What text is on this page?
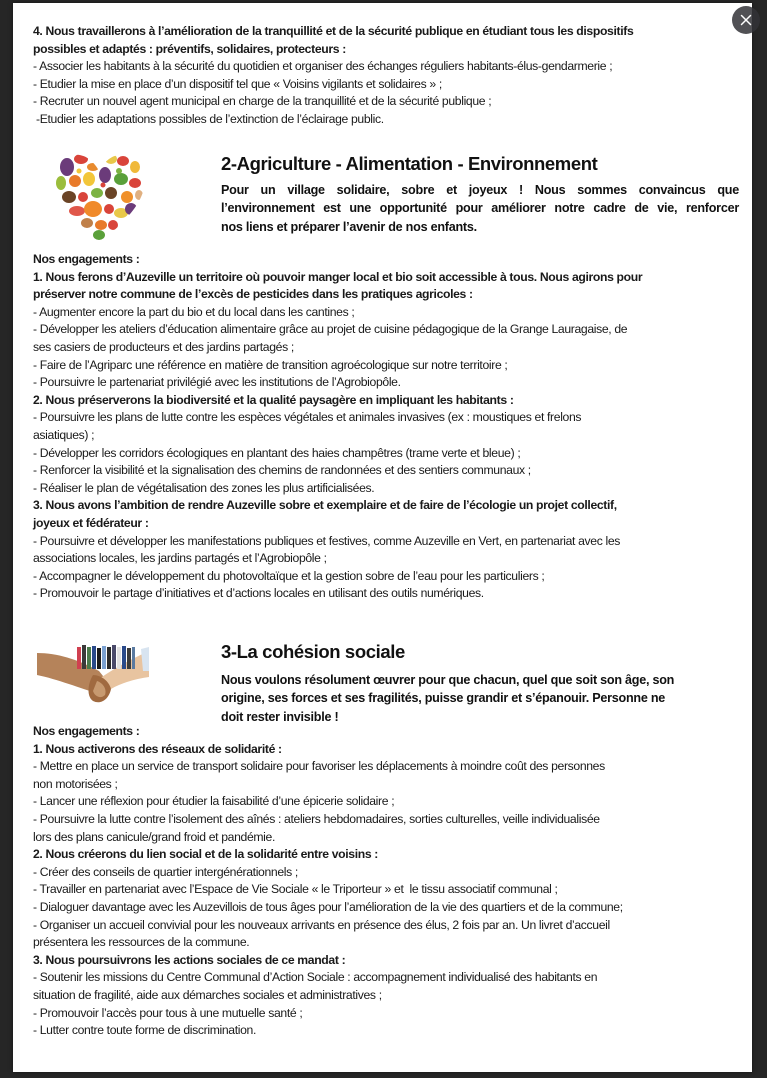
4. Nous travaillerons à l’amélioration de la tranquillité et de la sécurité publique en étudiant tous les dispositifs
possibles et adaptés : préventifs, solidaires, protecteurs :
- Associer les habitants à la sécurité du quotidien et organiser des échanges réguliers habitants-élus-gendarmerie ;
- Etudier la mise en place d’un dispositif tel que « Voisins vigilants et solidaires » ;
- Recruter un nouvel agent municipal en charge de la tranquillité et de la sécurité publique ;
-Etudier les adaptations possibles de l’extinction de l’éclairage public.
2-Agriculture - Alimentation - Environnement
Pour un village solidaire, sobre et joyeux ! Nous sommes convaincus que
l’environnement est une opportunité pour améliorer notre cadre de vie, renforcer
nos liens et préparer l’avenir de nos enfants.
Nos engagements :
1. Nous ferons d’Auzeville un territoire où pouvoir manger local et bio soit accessible à tous. Nous agirons pour
préserver notre commune de l’excès de pesticides dans les pratiques agricoles :
- Augmenter encore la part du bio et du local dans les cantines ;
- Développer les ateliers d’éducation alimentaire grâce au projet de cuisine pédagogique de la Grange Lauragaise, de
ses casiers de producteurs et des jardins partagés ;
- Faire de l’Agriparc une référence en matière de transition agroécologique sur notre territoire ;
- Poursuivre le partenariat privilégié avec les institutions de l’Agrobiopôle.
2. Nous préserverons la biodiversité et la qualité paysagère en impliquant les habitants :
- Poursuivre les plans de lutte contre les espèces végétales et animales invasives (ex : moustiques et frelons
asiatiques) ;
- Développer les corridors écologiques en plantant des haies champêtres (trame verte et bleue) ;
- Renforcer la visibilité et la signalisation des chemins de randonnées et des sentiers communaux ;
- Réaliser le plan de végétalisation des zones les plus artificialisées.
3. Nous avons l’ambition de rendre Auzeville sobre et exemplaire et de faire de l’écologie un projet collectif,
joyeux et fédérateur :
- Poursuivre et développer les manifestations publiques et festives, comme Auzeville en Vert, en partenariat avec les
associations locales, les jardins partagés et l’Agrobiopôle ;
- Accompagner le développement du photovoltaïque et la gestion sobre de l’eau pour les particuliers ;
- Promouvoir le partage d’initiatives et d’actions locales en utilisant des outils numériques.
3-La cohésion sociale
Nous voulons résolument œuvrer pour que chacun, quel que soit son âge, son
origine, ses forces et ses fragilités, puisse grandir et s’épanouir. Personne ne
doit rester invisible !
Nos engagements :
1. Nous activerons des réseaux de solidarité :
- Mettre en place un service de transport solidaire pour favoriser les déplacements à moindre coût des personnes
non motorisées ;
- Lancer une réflexion pour étudier la faisabilité d’une épicerie solidaire ;
- Poursuivre la lutte contre l’isolement des aînés : ateliers hebdomadaires, sorties culturelles, veille individualisée
lors des plans canicule/grand froid et pandémie.
2. Nous créerons du lien social et de la solidarité entre voisins :
- Créer des conseils de quartier intergénérationnels ;
- Travailler en partenariat avec l’Espace de Vie Sociale « le Triporteur » et  le tissu associatif communal ;
- Dialoguer davantage avec les Auzevillois de tous âges pour l’amélioration de la vie des quartiers et de la commune;
- Organiser un accueil convivial pour les nouveaux arrivants en présence des élus, 2 fois par an. Un livret d’accueil
présentera les ressources de la commune.
3. Nous poursuivrons les actions sociales de ce mandat :
- Soutenir les missions du Centre Communal d’Action Sociale : accompagnement individualisé des habitants en
situation de fragilité, aide aux démarches sociales et administratives ;
- Promouvoir l’accès pour tous à une mutuelle santé ;
- Lutter contre toute forme de discrimination.
